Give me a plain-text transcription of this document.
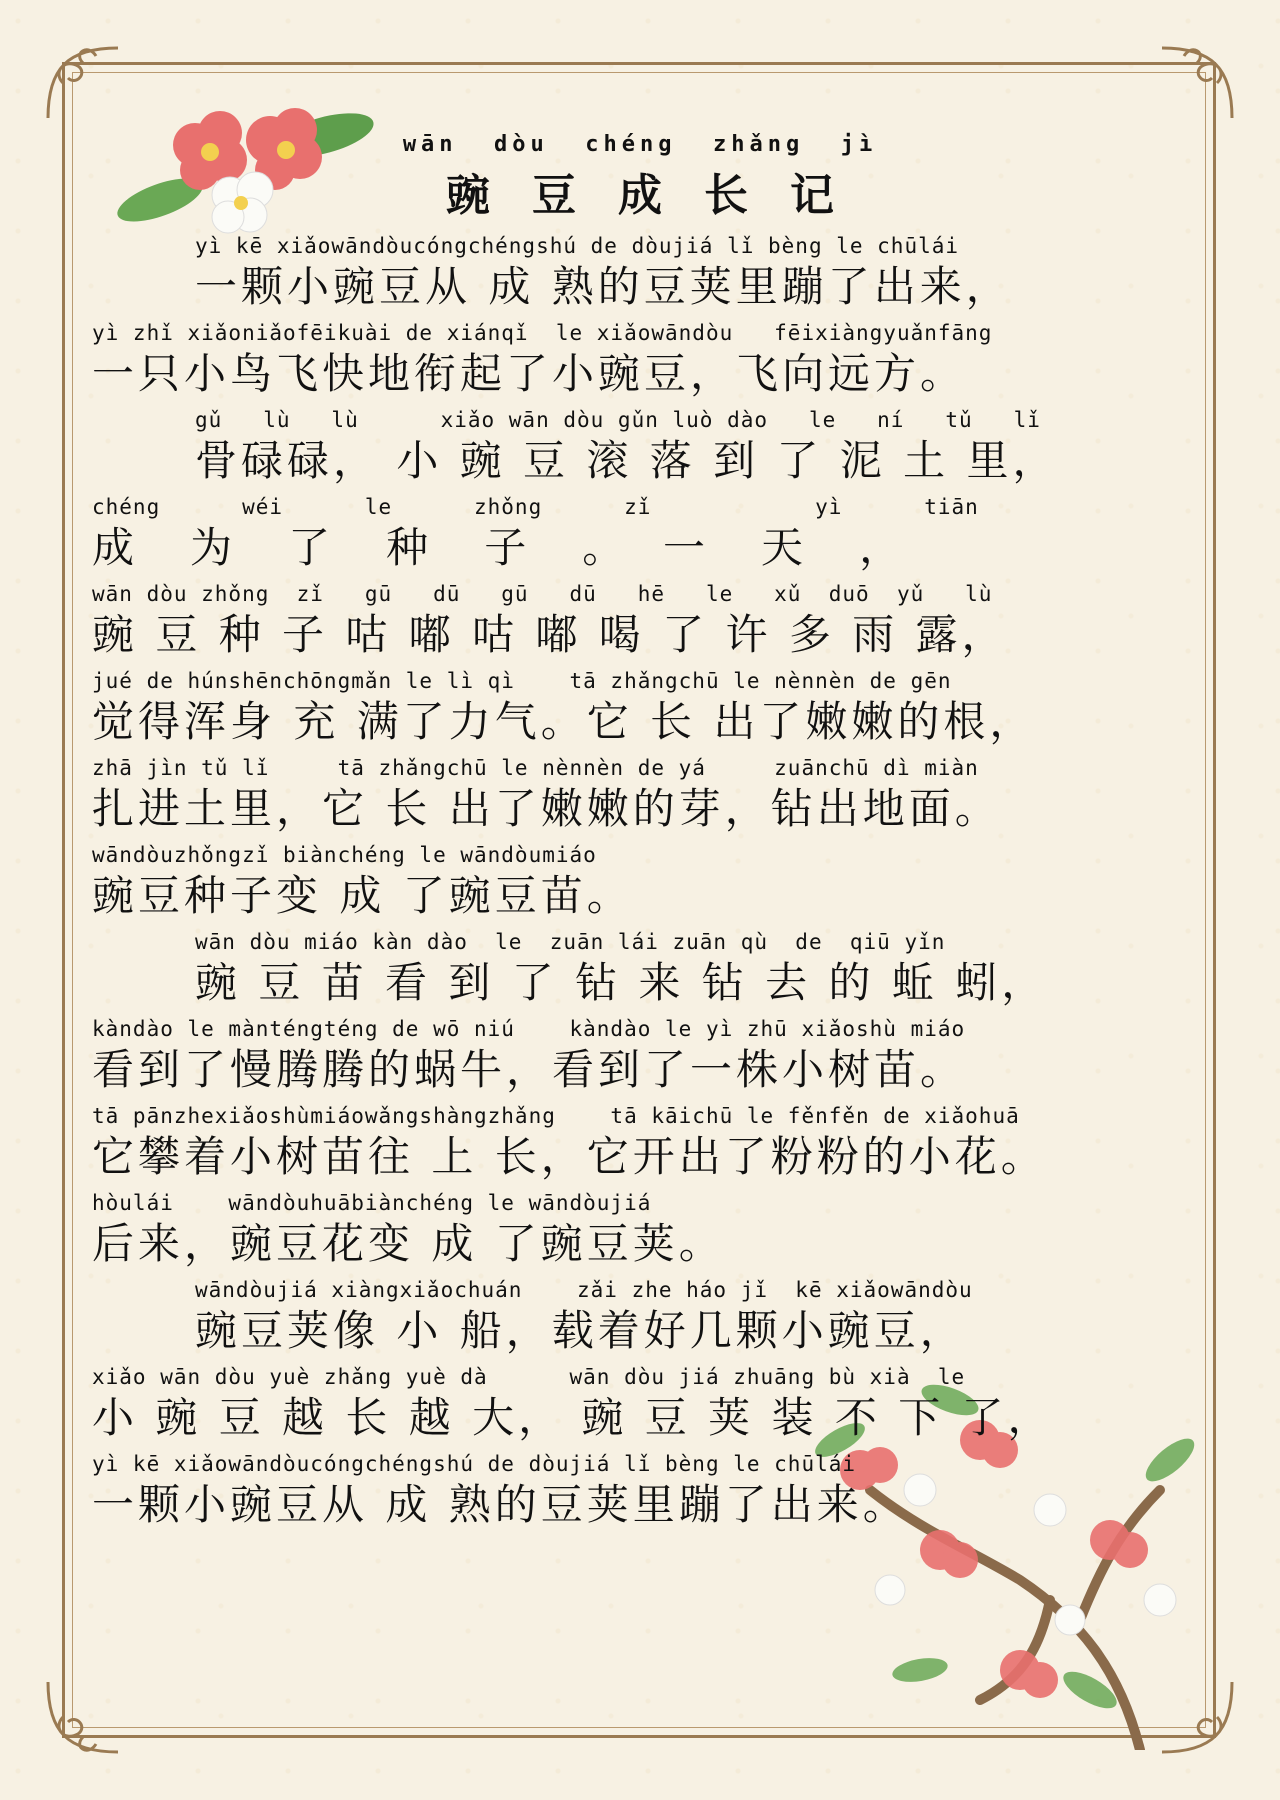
wān  dòu  chéng  zhǎng  jì
豌豆成长记
yì kē xiǎowāndòucóngchéngshú de dòujiá lǐ bèng le chūlái
一颗小豌豆从 成 熟的豆荚里蹦了出来，
yì zhǐ xiǎoniǎofēikuài de xiánqǐ  le xiǎowāndòu   fēixiàngyuǎnfāng
一只小鸟飞快地衔起了小豌豆，飞向远方。
gǔ   lù   lù      xiǎo wān dòu gǔn luò dào   le   ní   tǔ   lǐ
骨碌碌， 小 豌 豆 滚 落 到 了 泥 土 里，
chéng      wéi      le      zhǒng      zǐ            yì      tiān
成   为   了   种   子   。  一   天   ，
wān dòu zhǒng  zǐ   gū   dū   gū   dū   hē   le   xǔ  duō  yǔ   lù
豌 豆 种 子 咕 嘟 咕 嘟 喝 了 许 多 雨 露，
jué de húnshēnchōngmǎn le lì qì    tā zhǎngchū le nènnèn de gēn
觉得浑身 充 满了力气。它 长 出了嫩嫩的根，
zhā jìn tǔ lǐ     tā zhǎngchū le nènnèn de yá     zuānchū dì miàn
扎进土里，它 长 出了嫩嫩的芽，钻出地面。
wāndòuzhǒngzǐ biànchéng le wāndòumiáo
豌豆种子变 成 了豌豆苗。
wān dòu miáo kàn dào  le  zuān lái zuān qù  de  qiū yǐn
豌 豆 苗 看 到 了 钻 来 钻 去 的 蚯 蚓，
kàndào le mànténgténg de wō niú    kàndào le yì zhū xiǎoshù miáo
看到了慢腾腾的蜗牛，看到了一株小树苗。
tā pānzhexiǎoshùmiáowǎngshàngzhǎng    tā kāichū le fěnfěn de xiǎohuā
它攀着小树苗往 上 长，它开出了粉粉的小花。
hòulái    wāndòuhuābiànchéng le wāndòujiá
后来，豌豆花变 成 了豌豆荚。
wāndòujiá xiàngxiǎochuán    zǎi zhe háo jǐ  kē xiǎowāndòu
豌豆荚像 小 船，载着好几颗小豌豆，
xiǎo wān dòu yuè zhǎng yuè dà      wān dòu jiá zhuāng bù xià  le
小 豌 豆 越 长 越 大， 豌 豆 荚 装 不 下 了，
yì kē xiǎowāndòucóngchéngshú de dòujiá lǐ bèng le chūlái
一颗小豌豆从 成 熟的豆荚里蹦了出来。
